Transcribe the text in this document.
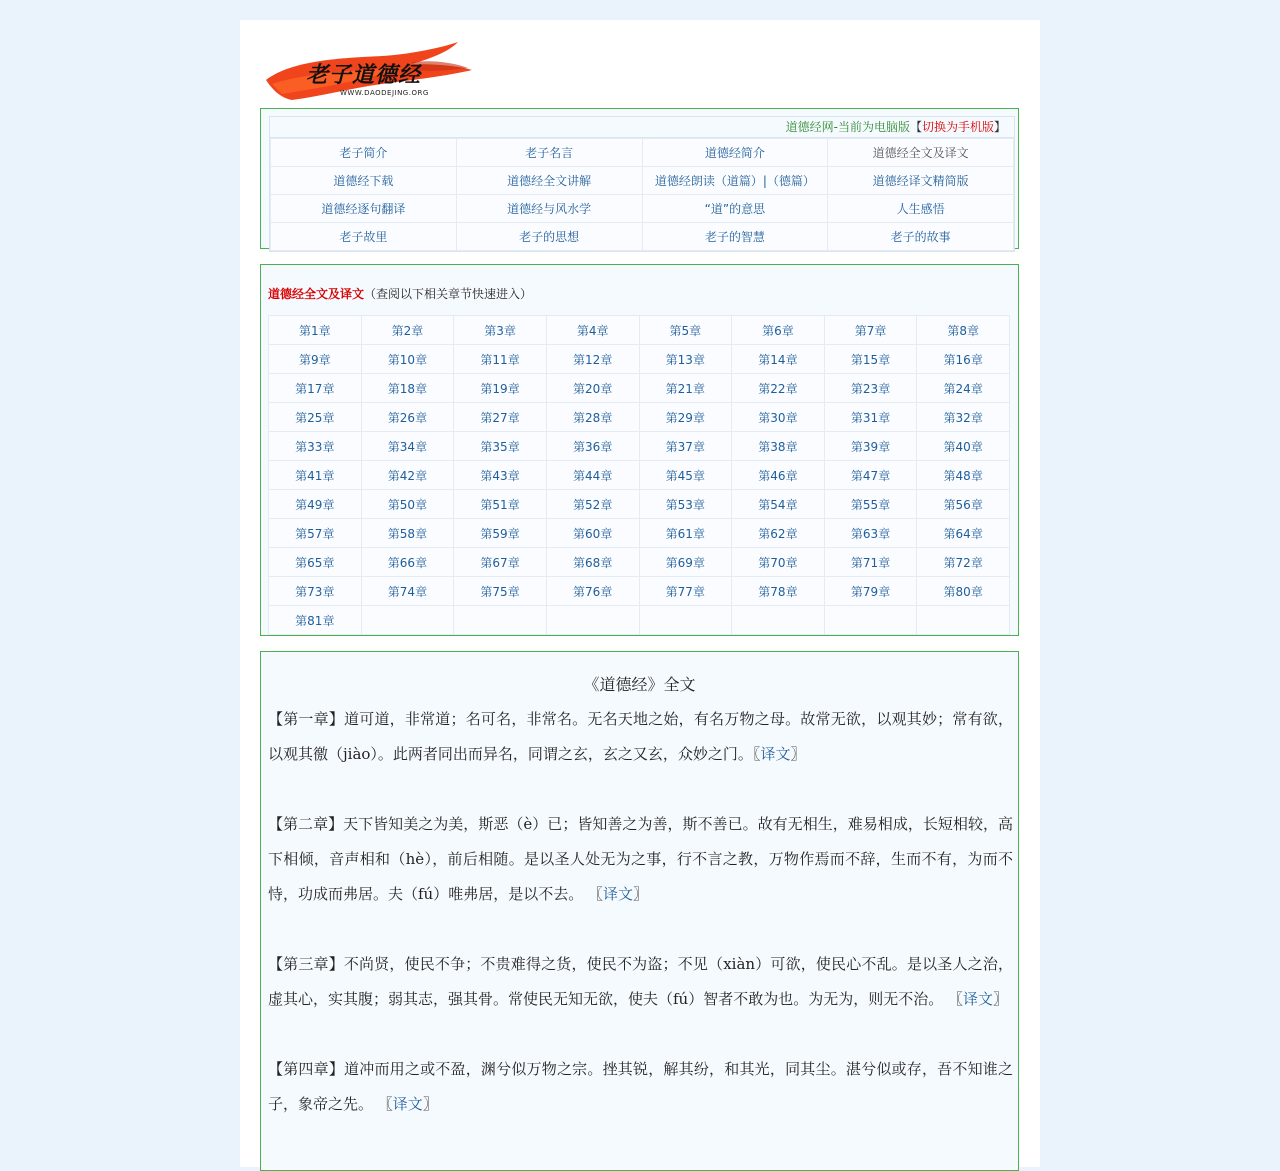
老子道德经
WWW.DAODEJING.ORG
道德经网-当前为电脑版【切换为手机版】
老子简介	老子名言	道德经简介	道德经全文及译文
道德经下载	道德经全文讲解	道德经朗读（道篇）|（德篇）	道德经译文精简版
道德经逐句翻译	道德经与风水学	“道”的意思	人生感悟
老子故里	老子的思想	老子的智慧	老子的故事
道德经全文及译文（查阅以下相关章节快速进入）
第1章	第2章	第3章	第4章	第5章	第6章	第7章	第8章
第9章	第10章	第11章	第12章	第13章	第14章	第15章	第16章
第17章	第18章	第19章	第20章	第21章	第22章	第23章	第24章
第25章	第26章	第27章	第28章	第29章	第30章	第31章	第32章
第33章	第34章	第35章	第36章	第37章	第38章	第39章	第40章
第41章	第42章	第43章	第44章	第45章	第46章	第47章	第48章
第49章	第50章	第51章	第52章	第53章	第54章	第55章	第56章
第57章	第58章	第59章	第60章	第61章	第62章	第63章	第64章
第65章	第66章	第67章	第68章	第69章	第70章	第71章	第72章
第73章	第74章	第75章	第76章	第77章	第78章	第79章	第80章
第81章							
《道德经》全文
【第一章】道可道，非常道；名可名，非常名。无名天地之始，有名万物之母。故常无欲，以观其妙；常有欲，以观其徼（jiào）。此两者同出而异名，同谓之玄，玄之又玄，众妙之门。〖译文〗
【第二章】天下皆知美之为美，斯恶（è）已；皆知善之为善，斯不善已。故有无相生，难易相成，长短相较，高下相倾，音声相和（hè），前后相随。是以圣人处无为之事，行不言之教，万物作焉而不辞，生而不有，为而不恃，功成而弗居。夫（fú）唯弗居，是以不去。 〖译文〗
【第三章】不尚贤，使民不争；不贵难得之货，使民不为盗；不见（xiàn）可欲，使民心不乱。是以圣人之治，虚其心，实其腹；弱其志，强其骨。常使民无知无欲，使夫（fú）智者不敢为也。为无为，则无不治。 〖译文〗
【第四章】道冲而用之或不盈，渊兮似万物之宗。挫其锐，解其纷，和其光，同其尘。湛兮似或存，吾不知谁之子，象帝之先。 〖译文〗
